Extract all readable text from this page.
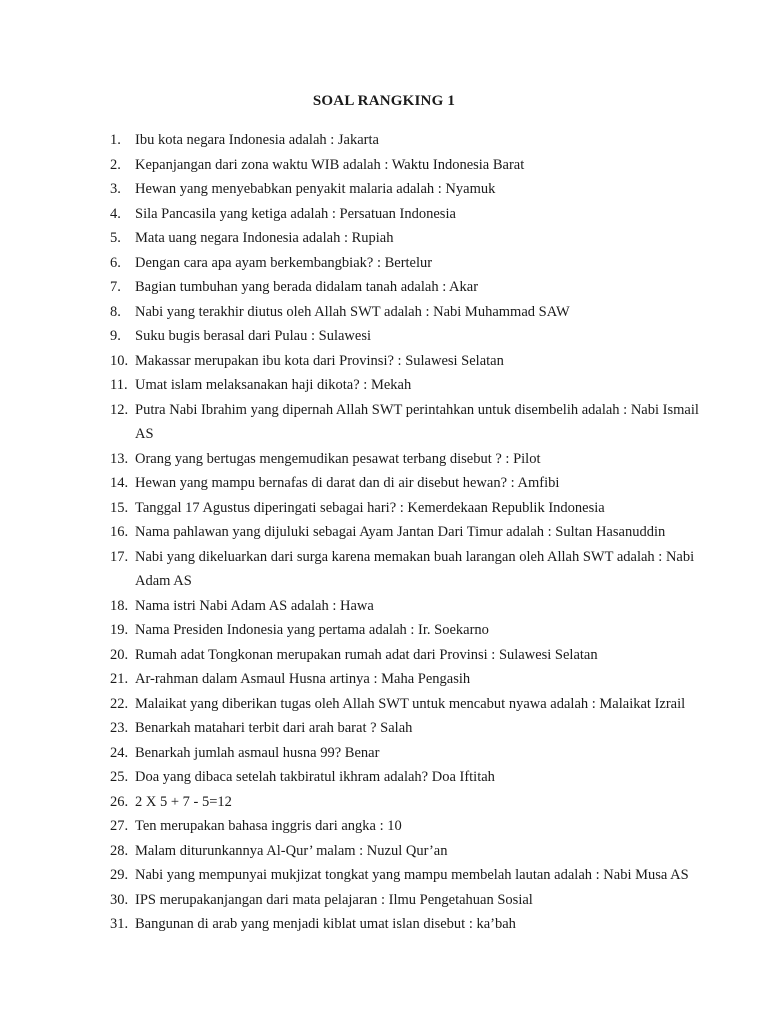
SOAL RANGKING 1
1. Ibu kota negara Indonesia adalah : Jakarta
2. Kepanjangan dari zona waktu WIB adalah : Waktu Indonesia Barat
3. Hewan yang menyebabkan penyakit malaria adalah : Nyamuk
4. Sila Pancasila yang ketiga adalah : Persatuan Indonesia
5. Mata uang negara Indonesia adalah : Rupiah
6. Dengan cara apa ayam berkembangbiak? : Bertelur
7. Bagian tumbuhan yang berada didalam tanah adalah : Akar
8. Nabi yang terakhir diutus oleh Allah SWT adalah : Nabi Muhammad SAW
9. Suku bugis berasal dari Pulau : Sulawesi
10. Makassar merupakan ibu kota dari Provinsi? : Sulawesi Selatan
11. Umat islam melaksanakan haji dikota? : Mekah
12. Putra Nabi Ibrahim yang dipernah Allah SWT perintahkan untuk disembelih adalah : Nabi Ismail AS
13. Orang yang bertugas mengemudikan pesawat terbang disebut ? : Pilot
14. Hewan yang mampu bernafas di darat dan di air disebut hewan? : Amfibi
15. Tanggal 17 Agustus diperingati sebagai hari? : Kemerdekaan Republik Indonesia
16. Nama pahlawan yang dijuluki sebagai Ayam Jantan Dari Timur adalah : Sultan Hasanuddin
17. Nabi yang dikeluarkan dari surga karena memakan buah larangan oleh Allah SWT adalah : Nabi Adam AS
18. Nama istri Nabi Adam AS adalah : Hawa
19. Nama Presiden Indonesia yang pertama adalah : Ir. Soekarno
20. Rumah adat Tongkonan merupakan rumah adat dari Provinsi : Sulawesi Selatan
21. Ar-rahman dalam Asmaul Husna artinya : Maha Pengasih
22. Malaikat yang diberikan tugas oleh Allah SWT untuk mencabut nyawa adalah : Malaikat Izrail
23. Benarkah matahari terbit dari arah barat ? Salah
24. Benarkah jumlah asmaul husna 99? Benar
25. Doa yang dibaca setelah takbiratul ikhram adalah? Doa Iftitah
26. 2 X 5 + 7 - 5=12
27. Ten merupakan bahasa inggris dari angka : 10
28. Malam diturunkannya Al-Qur’ malam : Nuzul Qur’an
29. Nabi yang mempunyai mukjizat tongkat yang mampu membelah lautan adalah : Nabi Musa AS
30. IPS merupakanjangan dari mata pelajaran : Ilmu Pengetahuan Sosial
31. Bangunan di arab yang menjadi kiblat umat islan disebut : ka’bah
